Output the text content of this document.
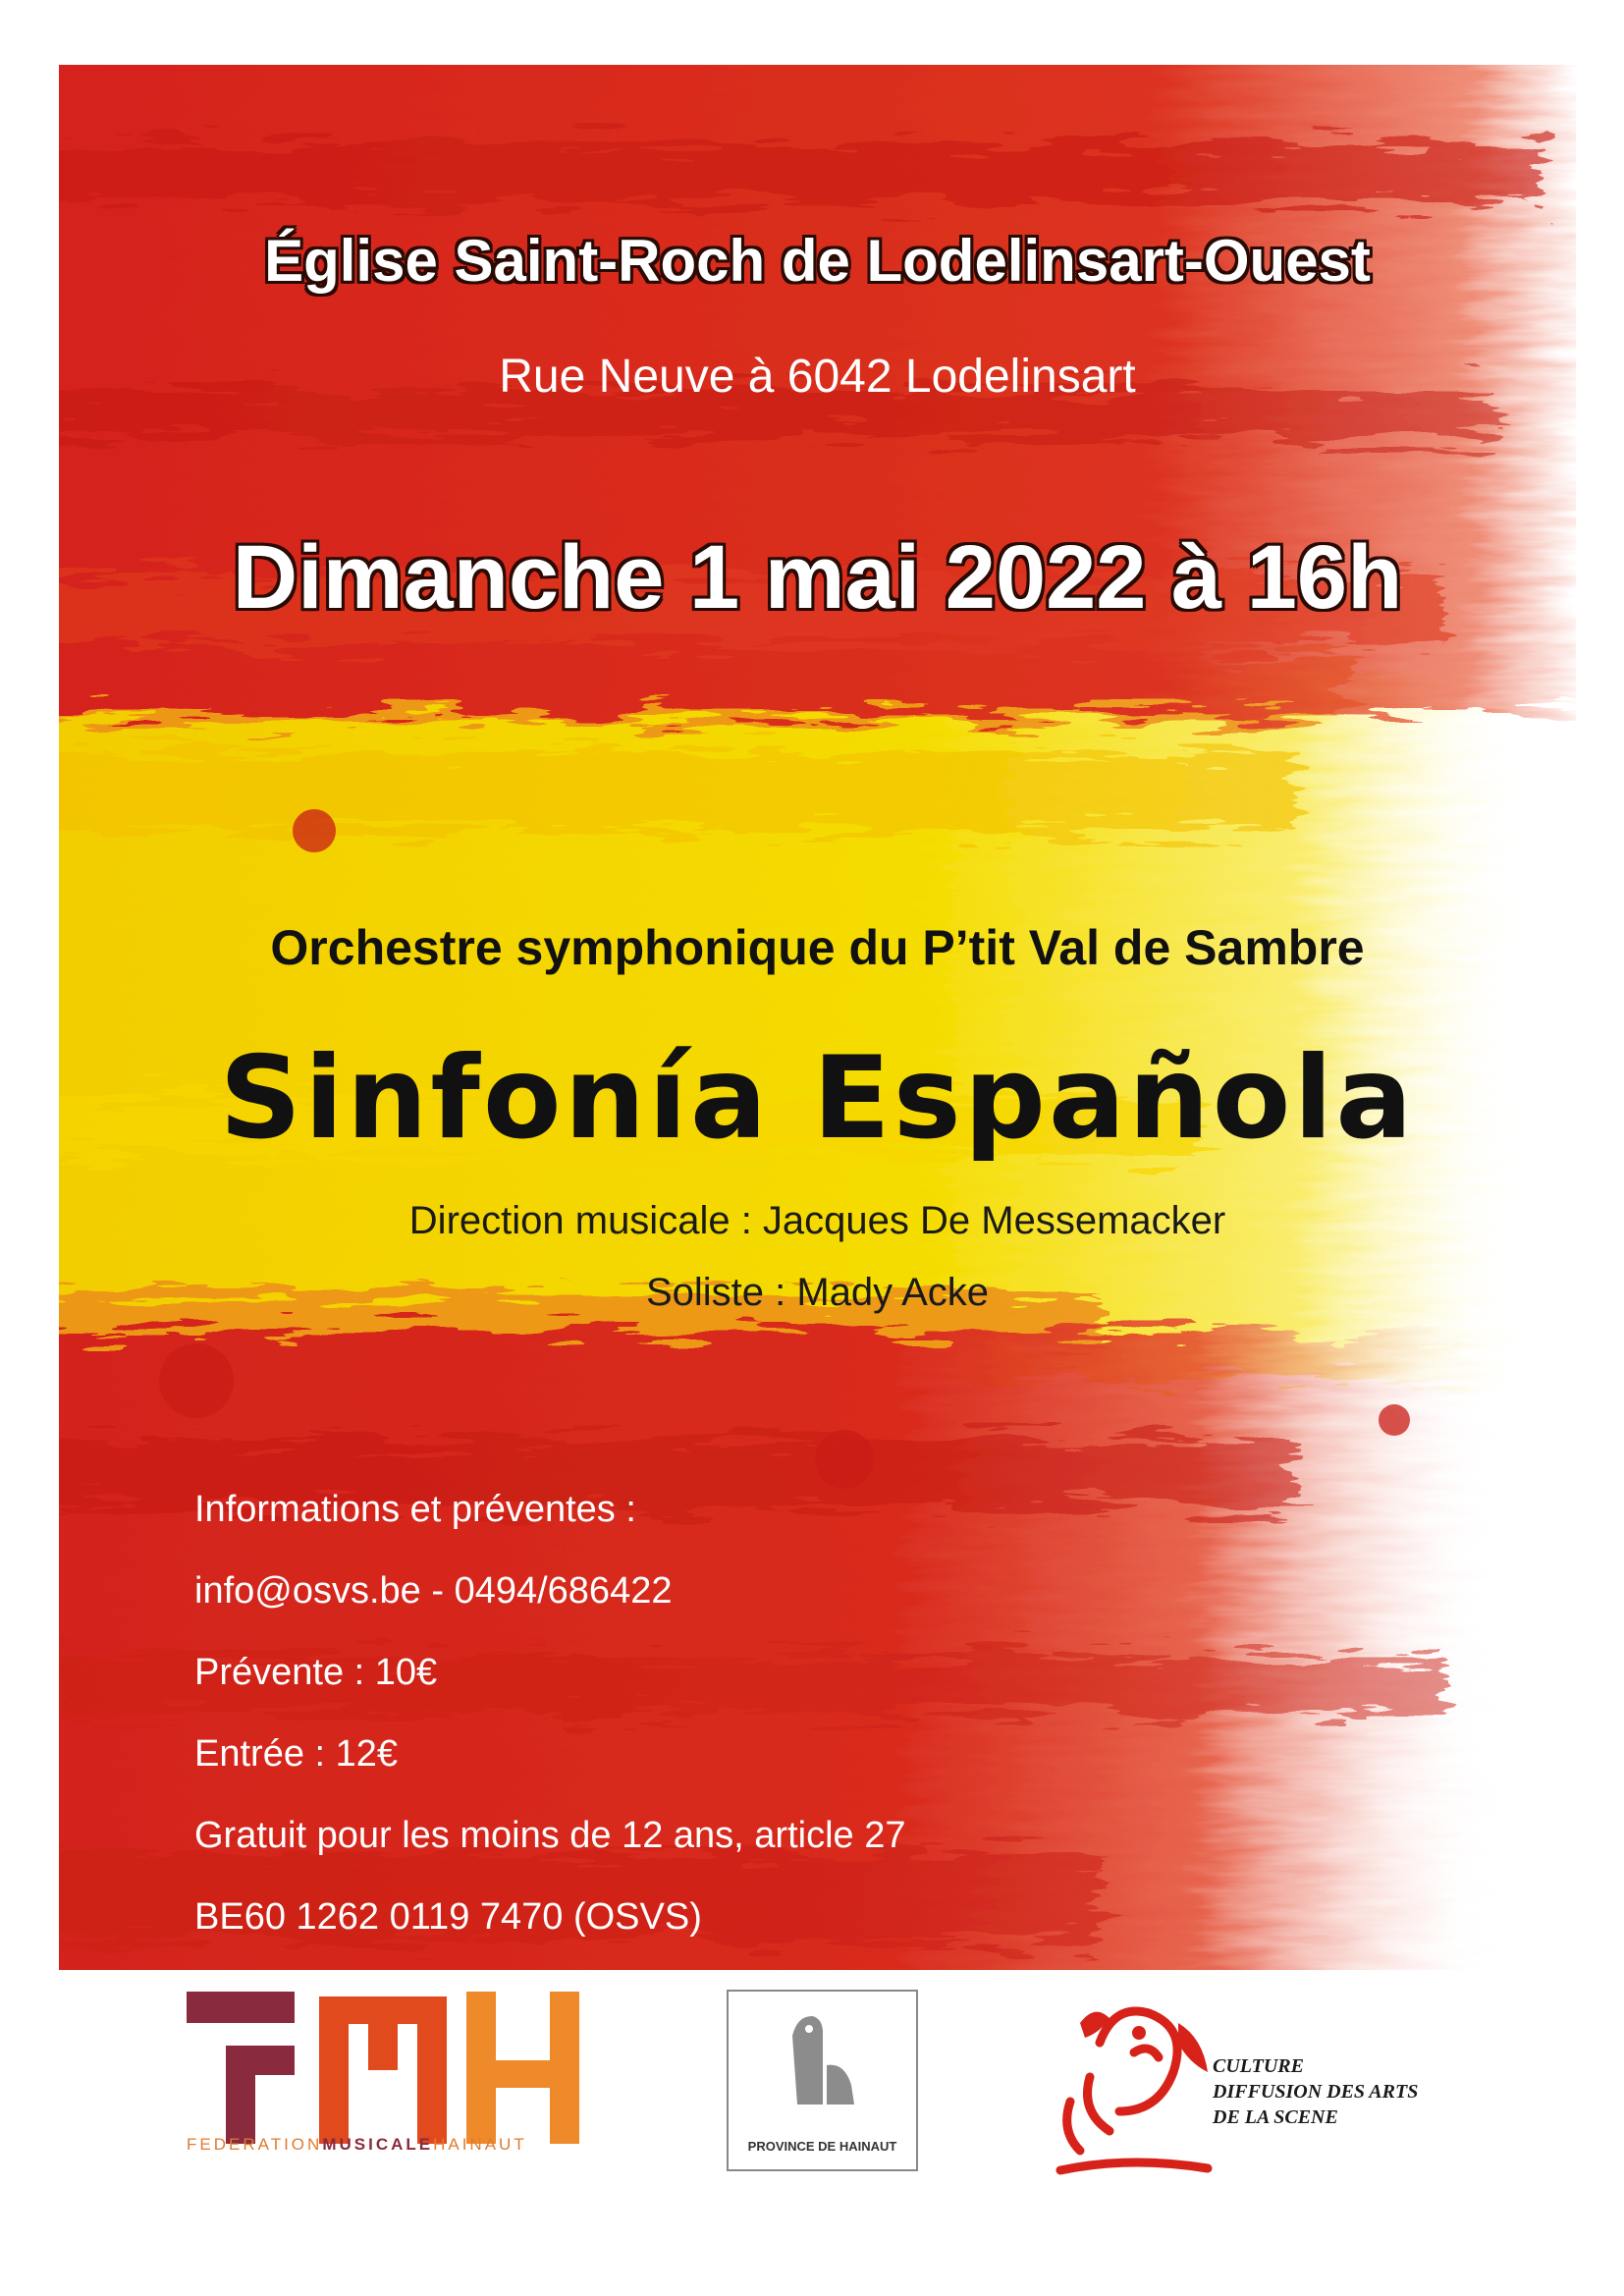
Église Saint-Roch de Lodelinsart-Ouest

Rue Neuve à 6042 Lodelinsart

Dimanche 1 mai 2022 à 16h

Orchestre symphonique du P’tit Val de Sambre

Sinfonía Española

Direction musicale : Jacques De Messemacker

Soliste : Mady Acke

Informations et préventes :
info@osvs.be - 0494/686422
Prévente : 10€
Entrée : 12€
Gratuit pour les moins de 12 ans, article 27
BE60 1262 0119 7470 (OSVS)
FEDERATIONMUSICALEHAINAUT	PROVINCE DE HAINAUT
CULTURE
DIFFUSION DES ARTS
DE LA SCENE
